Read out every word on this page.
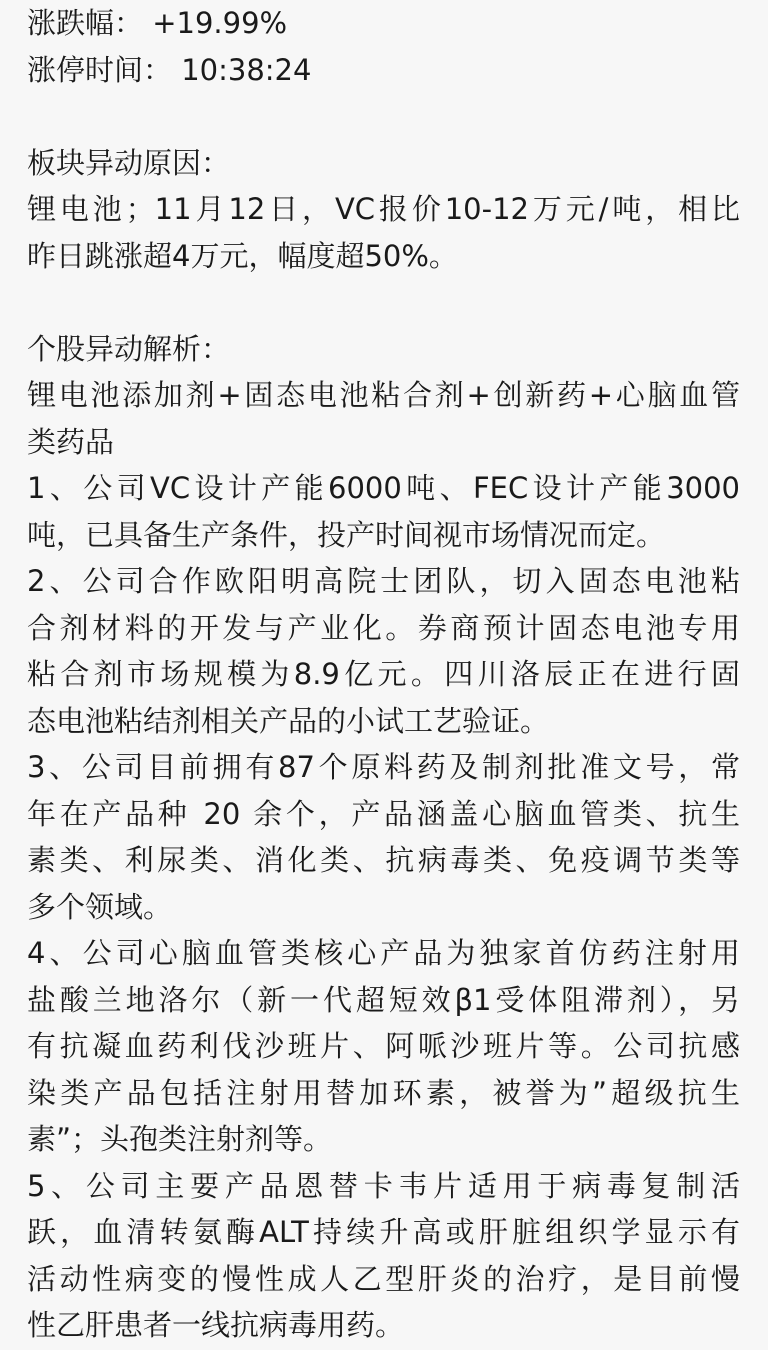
涨跌幅： +19.99%
涨停时间： 10:38:24
板块异动原因：
锂电池；11月12日，VC报价10-12万元/吨，相比
昨日跳涨超4万元，幅度超50%。
个股异动解析：
锂电池添加剂+固态电池粘合剂+创新药+心脑血管
类药品
1、公司VC设计产能6000吨、FEC设计产能3000
吨，已具备生产条件，投产时间视市场情况而定。
2、公司合作欧阳明高院士团队，切入固态电池粘
合剂材料的开发与产业化。券商预计固态电池专用
粘合剂市场规模为8.9亿元。四川洛辰正在进行固
态电池粘结剂相关产品的小试工艺验证。
3、公司目前拥有87个原料药及制剂批准文号，常
年在产品种 20 余个，产品涵盖心脑血管类、抗生
素类、利尿类、消化类、抗病毒类、免疫调节类等
多个领域。
4、公司心脑血管类核心产品为独家首仿药注射用
盐酸兰地洛尔（新一代超短效β1受体阻滞剂），另
有抗凝血药利伐沙班片、阿哌沙班片等。公司抗感
染类产品包括注射用替加环素，被誉为”超级抗生
素”；头孢类注射剂等。
5、公司主要产品恩替卡韦片适用于病毒复制活
跃，血清转氨酶ALT持续升高或肝脏组织学显示有
活动性病变的慢性成人乙型肝炎的治疗，是目前慢
性乙肝患者一线抗病毒用药。
